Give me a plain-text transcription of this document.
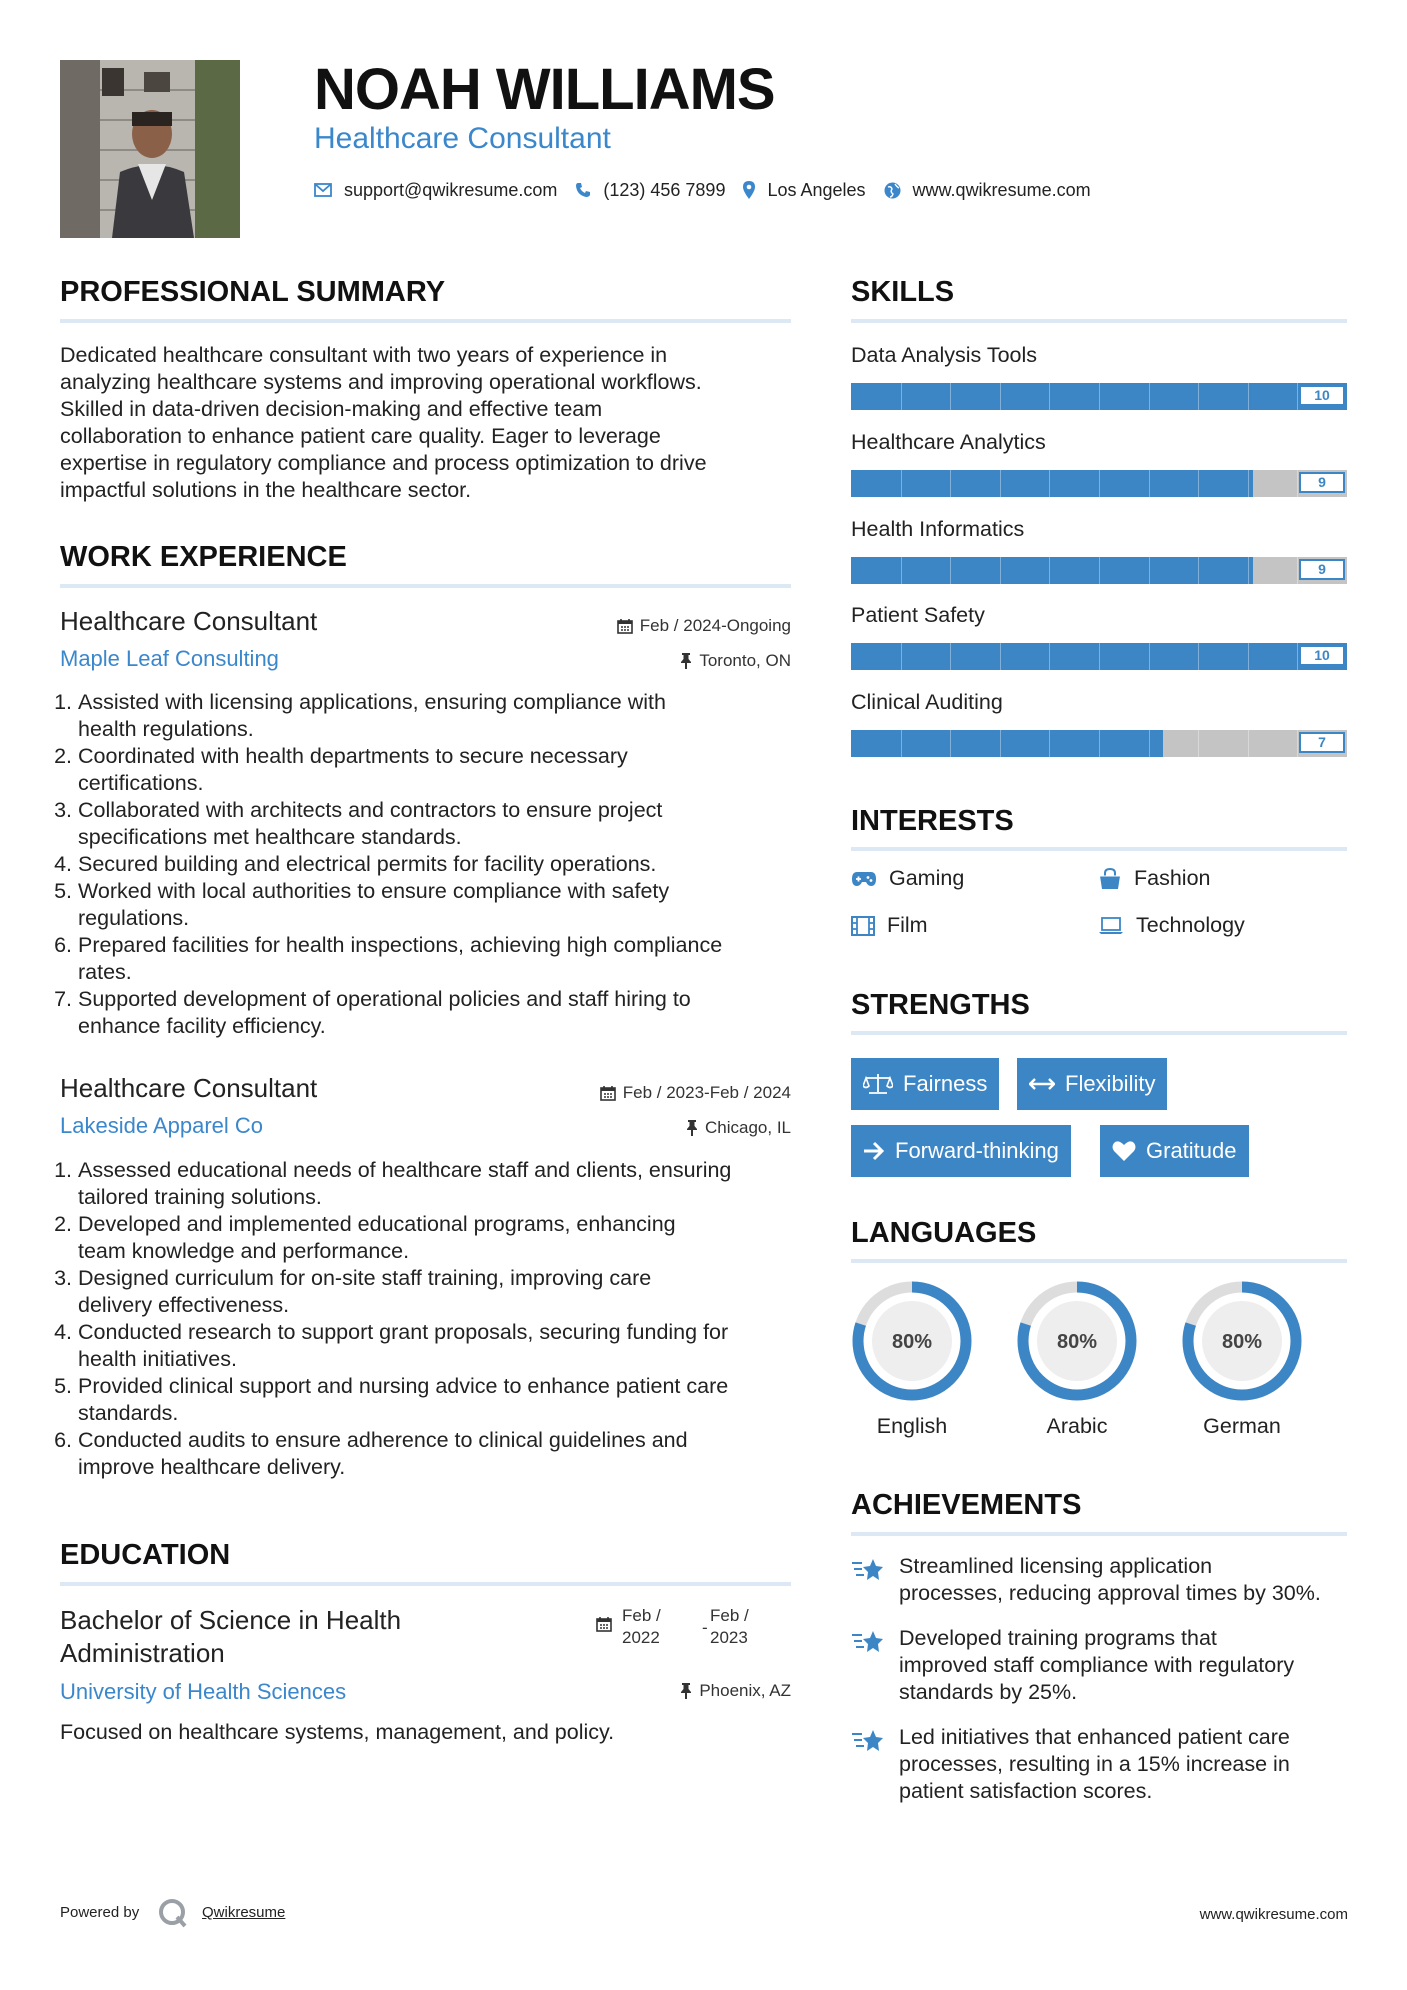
NOAH WILLIAMS
Healthcare Consultant
support@qwikresume.com	(123) 456 7899 Los Angeles	www.qwikresume.com
PROFESSIONAL SUMMARY
Dedicated healthcare consultant with two years of experience in
analyzing healthcare systems and improving operational workflows.
Skilled in data-driven decision-making and effective team
collaboration to enhance patient care quality. Eager to leverage
expertise in regulatory compliance and process optimization to drive
impactful solutions in the healthcare sector.
WORK EXPERIENCE
Healthcare Consultant	Feb / 2024-Ongoing
Maple Leaf Consulting	Toronto, ON
1. Assisted with licensing applications, ensuring compliance with
health regulations.
2. Coordinated with health departments to secure necessary
certifications.
3. Collaborated with architects and contractors to ensure project
specifications met healthcare standards.
4. Secured building and electrical permits for facility operations.
5. Worked with local authorities to ensure compliance with safety
regulations.
6. Prepared facilities for health inspections, achieving high compliance
rates.
7. Supported development of operational policies and staff hiring to
enhance facility efficiency.
Healthcare Consultant	Feb / 2023-Feb / 2024
Lakeside Apparel Co	Chicago, IL
1. Assessed educational needs of healthcare staff and clients, ensuring
tailored training solutions.
2. Developed and implemented educational programs, enhancing
team knowledge and performance.
3. Designed curriculum for on-site staff training, improving care
delivery effectiveness.
4. Conducted research to support grant proposals, securing funding for
health initiatives.
5. Provided clinical support and nursing advice to enhance patient care
standards.
6. Conducted audits to ensure adherence to clinical guidelines and
improve healthcare delivery.
EDUCATION
Bachelor of Science in Health
Administration
Feb /
2022
-
Feb /
2023
University of Health Sciences	Phoenix, AZ
Focused on healthcare systems, management, and policy.
SKILLS
Data Analysis Tools
10
Healthcare Analytics
9
Health Informatics
9
Patient Safety
10
Clinical Auditing
7
INTERESTS
Gaming	Fashion
Film	Technology
STRENGTHS
Fairness	Flexibility
Forward-thinking	Gratitude
LANGUAGES
80%
English
80%
Arabic
80%
German
ACHIEVEMENTS
Streamlined licensing application
processes, reducing approval times by 30%.
Developed training programs that
improved staff compliance with regulatory
standards by 25%.
Led initiatives that enhanced patient care
processes, resulting in a 15% increase in
patient satisfaction scores.
Powered by	Qwikresume	www.qwikresume.com
